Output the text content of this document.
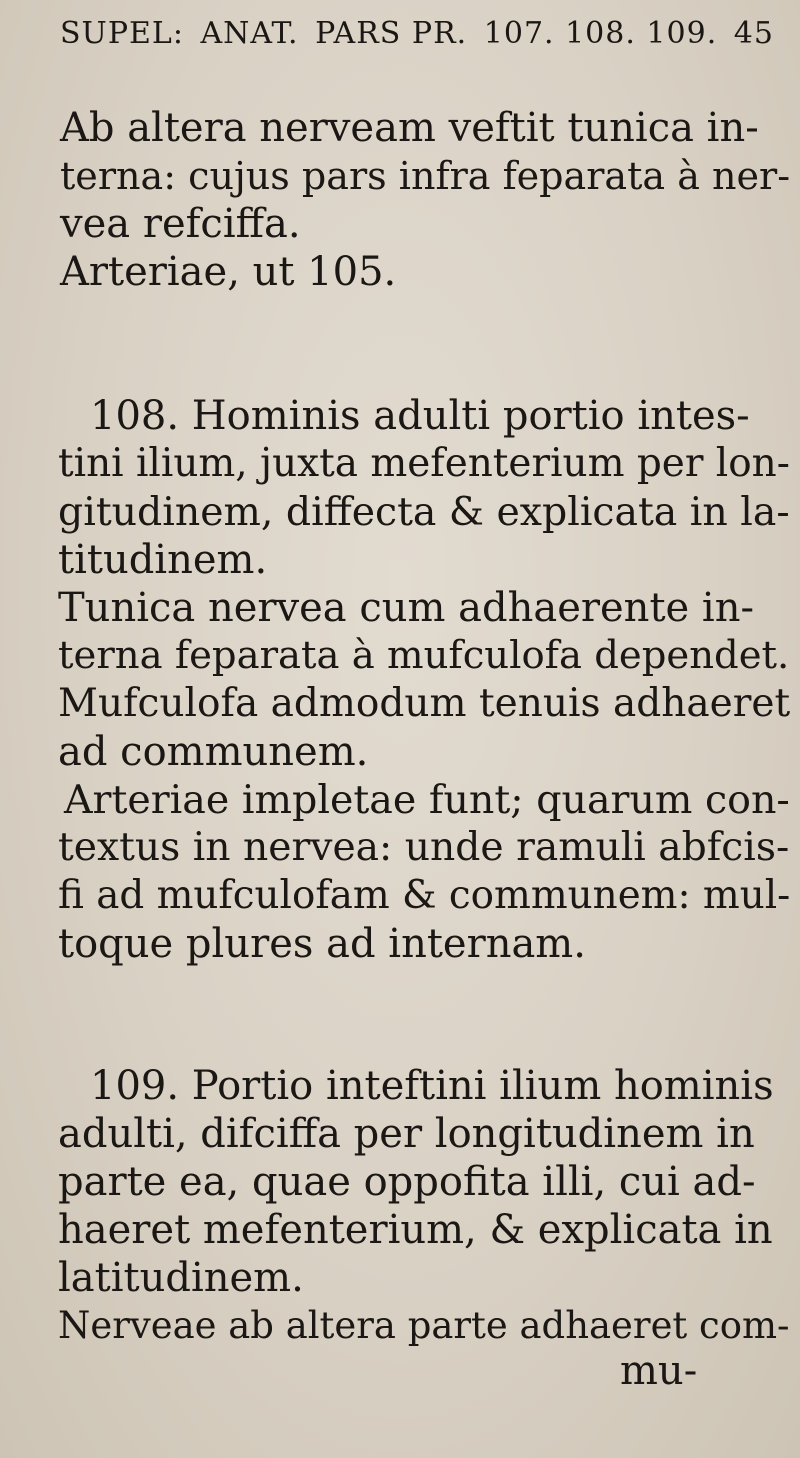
SUPEL: ANAT. PARS PR. 107. 108. 109. 45
Ab altera nerveam veftit tunica in-
terna: cujus pars infra feparata à ner-
vea refciffa.
Arteriae, ut 105.
108. Hominis adulti portio intes-
tini ilium, juxta mefenterium per lon-
gitudinem, diffecta & explicata in la-
titudinem.
Tunica nervea cum adhaerente in-
terna feparata à mufculofa dependet.
Mufculofa admodum tenuis adhaeret
ad communem.
Arteriae impletae funt; quarum con-
textus in nervea: unde ramuli abfcis-
fi ad mufculofam & communem: mul-
toque plures ad internam.
109. Portio inteftini ilium hominis
adulti, difciffa per longitudinem in
parte ea, quae oppofita illi, cui ad-
haeret mefenterium, & explicata in
latitudinem.
Nerveae ab altera parte adhaeret com-
mu-
